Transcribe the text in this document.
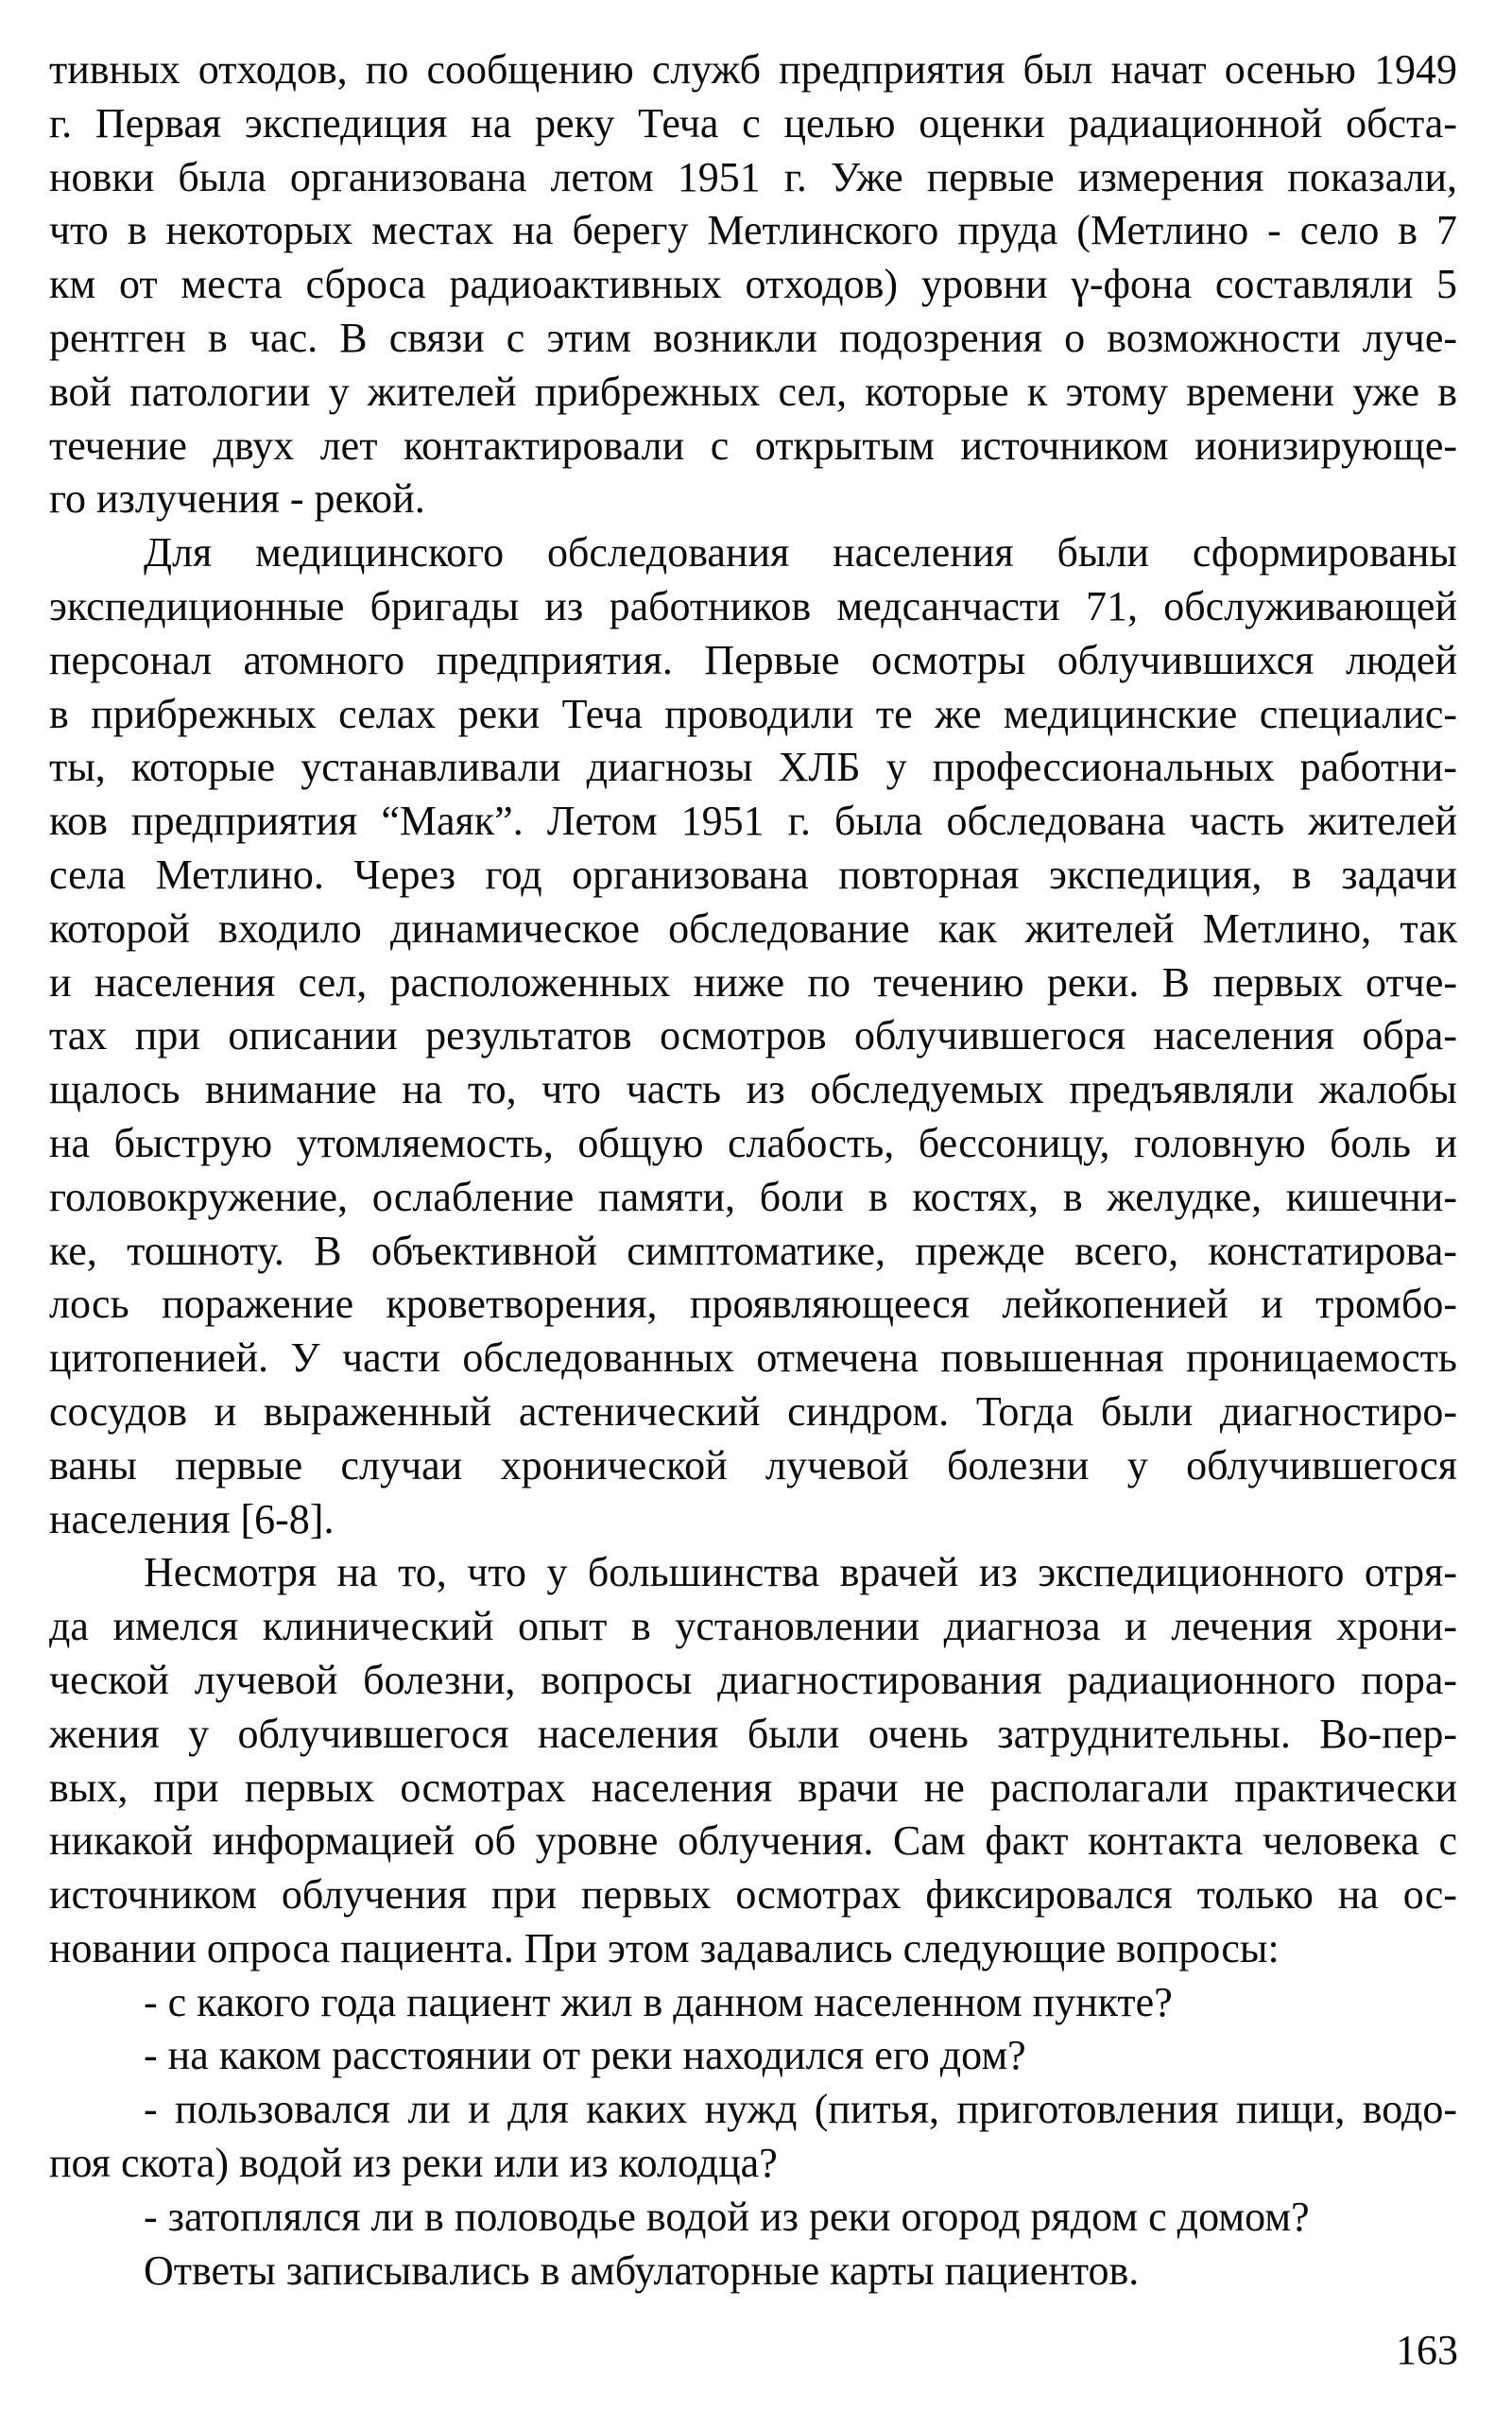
тивных отходов, по сообщению служб предприятия был начат осенью 1949
г. Первая экспедиция на реку Теча с целью оценки радиационной обста-
новки была организована летом 1951 г. Уже первые измерения показали,
что в некоторых местах на берегу Метлинского пруда (Метлино - село в 7
км от места сброса радиоактивных отходов) уровни γ-фона составляли 5
рентген в час. В связи с этим возникли подозрения о возможности луче-
вой патологии у жителей прибрежных сел, которые к этому времени уже в
течение двух лет контактировали с открытым источником ионизирующе-
го излучения - рекой.
Для медицинского обследования населения были сформированы
экспедиционные бригады из работников медсанчасти 71, обслуживающей
персонал атомного предприятия. Первые осмотры облучившихся людей
в прибрежных селах реки Теча проводили те же медицинские специалис-
ты, которые устанавливали диагнозы ХЛБ у профессиональных работни-
ков предприятия “Маяк”. Летом 1951 г. была обследована часть жителей
села Метлино. Через год организована повторная экспедиция, в задачи
которой входило динамическое обследование как жителей Метлино, так
и населения сел, расположенных ниже по течению реки. В первых отче-
тах при описании результатов осмотров облучившегося населения обра-
щалось внимание на то, что часть из обследуемых предъявляли жалобы
на быструю утомляемость, общую слабость, бессоницу, головную боль и
головокружение, ослабление памяти, боли в костях, в желудке, кишечни-
ке, тошноту. В объективной симптоматике, прежде всего, констатирова-
лось поражение кроветворения, проявляющееся лейкопенией и тромбо-
цитопенией. У части обследованных отмечена повышенная проницаемость
сосудов и выраженный астенический синдром. Тогда были диагностиро-
ваны первые случаи хронической лучевой болезни у облучившегося
населения [6-8].
Несмотря на то, что у большинства врачей из экспедиционного отря-
да имелся клинический опыт в установлении диагноза и лечения хрони-
ческой лучевой болезни, вопросы диагностирования радиационного пора-
жения у облучившегося населения были очень затруднительны. Во-пер-
вых, при первых осмотрах населения врачи не располагали практически
никакой информацией об уровне облучения. Сам факт контакта человека с
источником облучения при первых осмотрах фиксировался только на ос-
новании опроса пациента. При этом задавались следующие вопросы:
- с какого года пациент жил в данном населенном пункте?
- на каком расстоянии от реки находился его дом?
- пользовался ли и для каких нужд (питья, приготовления пищи, водо-
поя скота) водой из реки или из колодца?
- затоплялся ли в половодье водой из реки огород рядом с домом?
Ответы записывались в амбулаторные карты пациентов.
163
